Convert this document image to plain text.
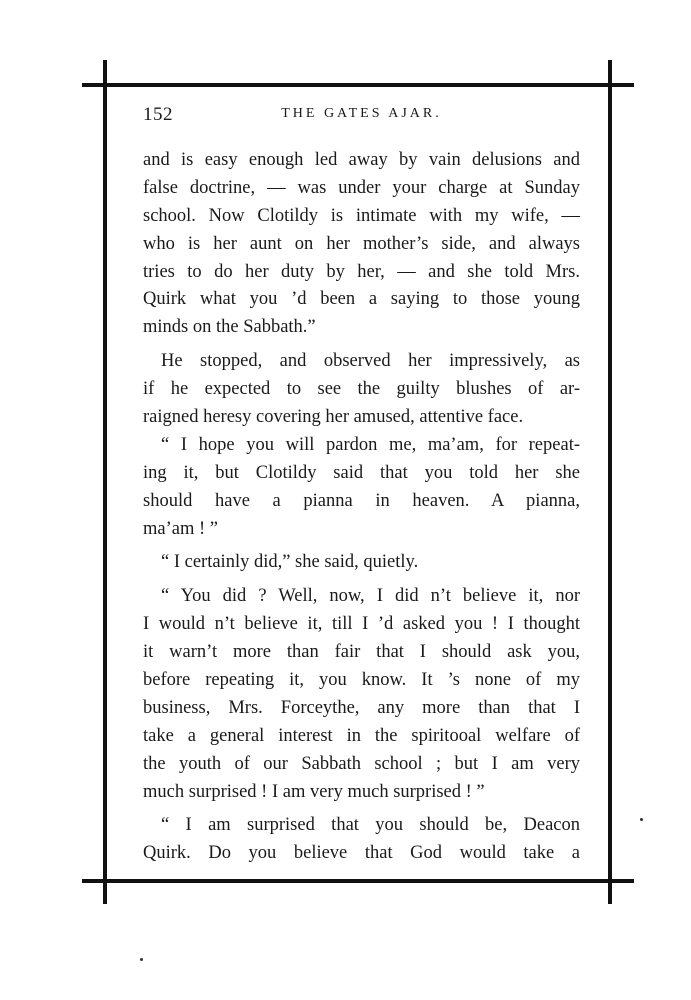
152	THE GATES AJAR.
and is easy enough led away by vain delusions and
false doctrine, — was under your charge at Sunday
school. Now Clotildy is intimate with my wife, —
who is her aunt on her mother’s side, and always
tries to do her duty by her, — and she told Mrs.
Quirk what you ’d been a saying to those young
minds on the Sabbath.”
He stopped, and observed her impressively, as
if he expected to see the guilty blushes of ar-
raigned heresy covering her amused, attentive face.
“ I hope you will pardon me, ma’am, for repeat-
ing it, but Clotildy said that you told her she
should have a pianna in heaven. A pianna,
ma’am ! ”
“ I certainly did,” she said, quietly.
“ You did ? Well, now, I did n’t believe it, nor
I would n’t believe it, till I ’d asked you ! I thought
it warn’t more than fair that I should ask you,
before repeating it, you know. It ’s none of my
business, Mrs. Forceythe, any more than that I
take a general interest in the spiritooal welfare of
the youth of our Sabbath school ; but I am very
much surprised ! I am very much surprised ! ”
“ I am surprised that you should be, Deacon
Quirk. Do you believe that God would take a
